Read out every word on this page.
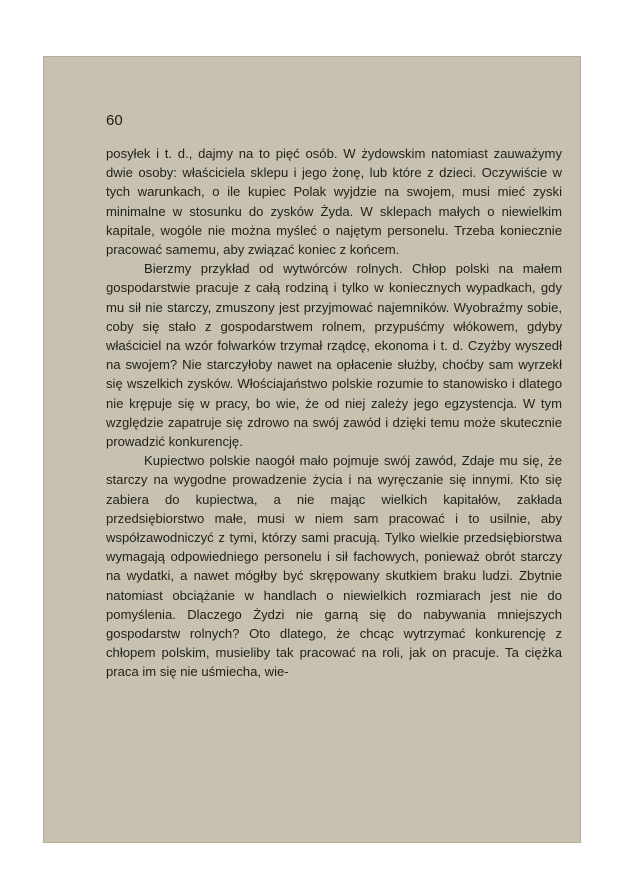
60

posyłek i t. d., dajmy na to pięć osób. W żydowskim natomiast zauważymy dwie osoby: właściciela sklepu i jego żonę, lub które z dzieci. Oczywiście w tych warunkach, o ile kupiec Polak wyjdzie na swojem, musi mieć zyski minimalne w stosunku do zysków Żyda. W sklepach małych o niewielkim kapitale, wogóle nie można myśleć o najętym personelu. Trzeba koniecznie pracować samemu, aby związać koniec z końcem.

Bierzmy przykład od wytwórców rolnych. Chłop polski na małem gospodarstwie pracuje z całą rodziną i tylko w koniecznych wypadkach, gdy mu sił nie starczy, zmuszony jest przyjmować najemników. Wyobraźmy sobie, coby się stało z gospodarstwem rolnem, przypuśćmy włókowem, gdyby właściciel na wzór folwarków trzymał rządcę, ekonoma i t. d. Czyżby wyszedł na swojem? Nie starczyłoby nawet na opłacenie służby, choćby sam wyrzekł się wszelkich zysków. Włościajaństwo polskie rozumie to stanowisko i dlatego nie krępuje się w pracy, bo wie, że od niej zależy jego egzystencja. W tym względzie zapatruje się zdrowo na swój zawód i dzięki temu może skutecznie prowadzić konkurencję.

Kupiectwo polskie naogół mało pojmuje swój zawód, Zdaje mu się, że starczy na wygodne prowadzenie życia i na wyręczanie się innymi. Kto się zabiera do kupiectwa, a nie mając wielkich kapitałów, zakłada przedsiębiorstwo małe, musi w niem sam pracować i to usilnie, aby współzawodniczyć z tymi, którzy sami pracują. Tylko wielkie przedsiębiorstwa wymagają odpowiedniego personelu i sił fachowych, ponieważ obrót starczy na wydatki, a nawet mógłby być skrępowany skutkiem braku ludzi. Zbytnie natomiast obciążanie w handlach o niewielkich rozmiarach jest nie do pomyślenia. Dlaczego Żydzi nie garną się do nabywania mniejszych gospodarstw rolnych? Oto dlatego, że chcąc wytrzymać konkurencję z chłopem polskim, musieliby tak pracować na roli, jak on pracuje. Ta ciężka praca im się nie uśmiecha, wie-
